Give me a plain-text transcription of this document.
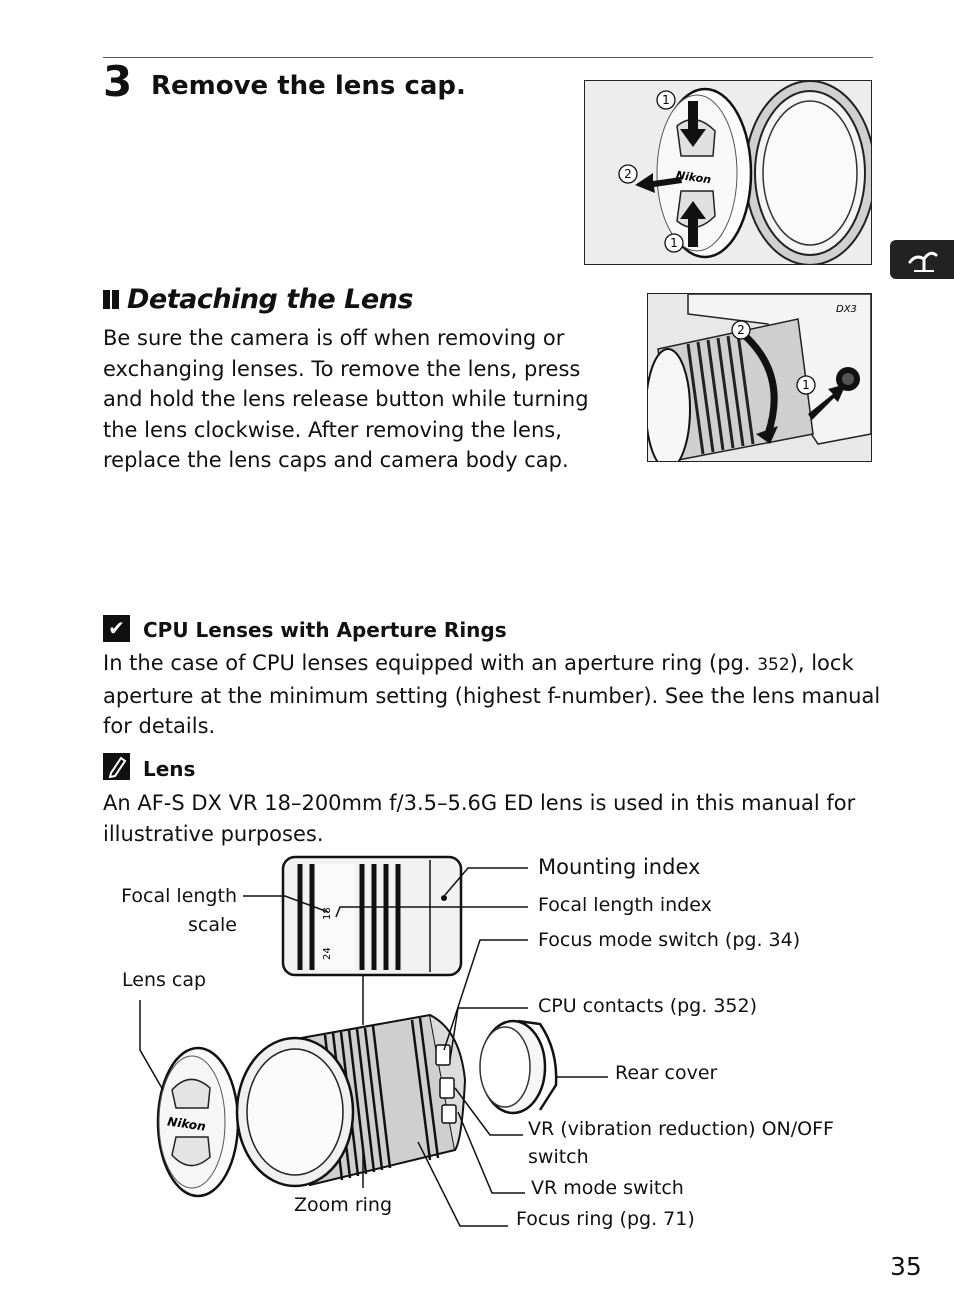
3 Remove the lens cap.	1
2
1
Nikon
Detaching the Lens
Be sure the camera is off when removing or exchanging lenses. To remove the lens, press and hold the lens release button while turning the lens clockwise. After removing the lens, replace the lens caps and camera body cap.
DX3
2
1
✔ CPU Lenses with Aperture Rings
In the case of CPU lenses equipped with an aperture ring (pg. 352), lock aperture at the minimum setting (highest f-number). See the lens manual for details.
Lens
An AF-S DX VR 18–200mm f/3.5–5.6G ED lens is used in this manual for illustrative purposes.
18
24
Nikon
Focal length
scale
Lens cap
Mounting index
Focal length index
Focus mode switch (pg. 34)
CPU contacts (pg. 352)
Rear cover
VR (vibration reduction) ON/OFF
switch
VR mode switch
Zoom ring
Focus ring (pg. 71)
35
